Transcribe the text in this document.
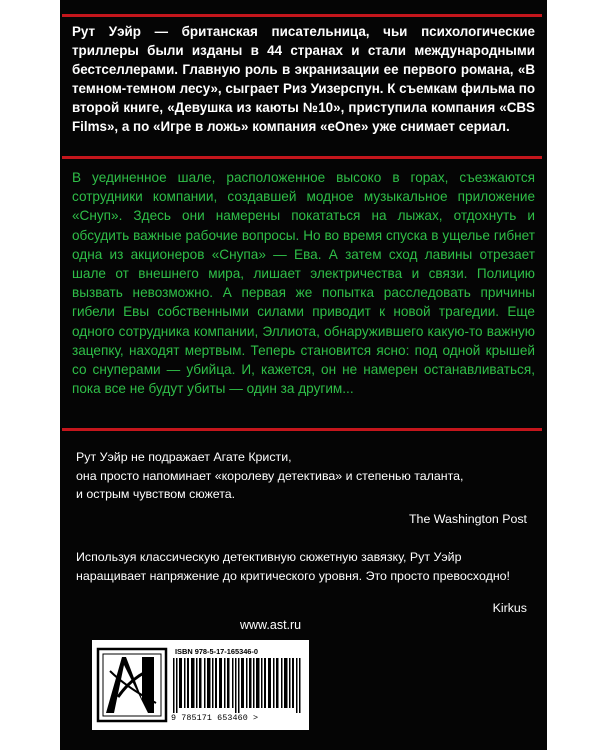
Рут Уэйр — британская писательница, чьи психологические триллеры были изданы в 44 странах и стали международными бестселлерами. Главную роль в экранизации ее первого романа, «В темном-темном лесу», сыграет Риз Уизерспун. К съемкам фильма по второй книге, «Девушка из каюты №10», приступила компания «CBS Films», а по «Игре в ложь» компания «eOne» уже снимает сериал.
В уединенное шале, расположенное высоко в горах, съезжаются сотрудники компании, создавшей модное музыкальное приложение «Снуп». Здесь они намерены покататься на лыжах, отдохнуть и обсудить важные рабочие вопросы. Но во время спуска в ущелье гибнет одна из акционеров «Снупа» — Ева. А затем сход лавины отрезает шале от внешнего мира, лишает электричества и связи. Полицию вызвать невозможно. А первая же попытка расследовать причины гибели Евы собственными силами приводит к новой трагедии. Еще одного сотрудника компании, Эллиота, обнаружившего какую-то важную зацепку, находят мертвым. Теперь становится ясно: под одной крышей со снуперами — убийца. И, кажется, он не намерен останавливаться, пока все не будут убиты — один за другим...
Рут Уэйр не подражает Агате Кристи,
она просто напоминает «королеву детектива» и степенью таланта,
и острым чувством сюжета.
The Washington Post
Используя классическую детективную сюжетную завязку, Рут Уэйр наращивает напряжение до критического уровня. Это просто превосходно!
Kirkus
www.ast.ru
ISBN 978-5-17-165346-0
9 785171 653460 >
